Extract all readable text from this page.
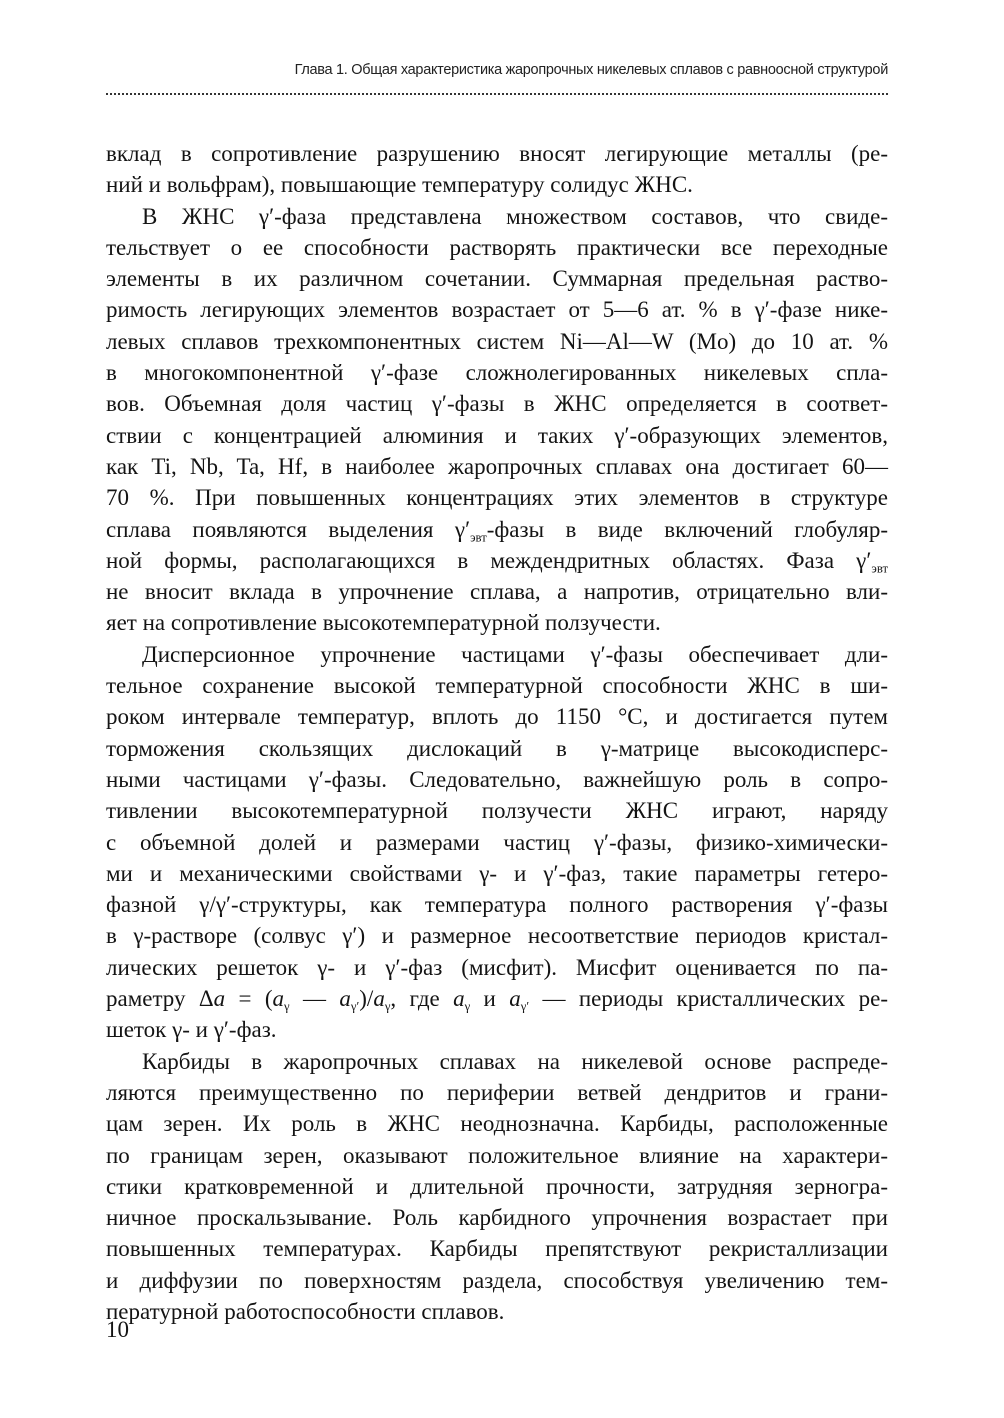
Глава 1. Общая характеристика жаропрочных никелевых сплавов с равноосной структурой
вклад в сопротивление разрушению вносят легирующие металлы (ре-
ний и вольфрам), повышающие температуру солидус ЖНС.
В ЖНС γ′-фаза представлена множеством составов, что свиде-
тельствует о ее способности растворять практически все переходные
элементы в их различном сочетании. Суммарная предельная раство-
римость легирующих элементов возрастает от 5—6 ат. % в γ′-фазе нике-
левых сплавов трехкомпонентных систем Ni—Al—W (Mo) до 10 ат. %
в многокомпонентной γ′-фазе сложнолегированных никелевых спла-
вов. Объемная доля частиц γ′-фазы в ЖНС определяется в соответ-
ствии с концентрацией алюминия и таких γ′-образующих элементов,
как Ti, Nb, Ta, Hf, в наиболее жаропрочных сплавах она достигает 60—
70 %. При повышенных концентрациях этих элементов в структуре
сплава появляются выделения $\gamma'_{эвт}$-фазы в виде включений глобуляр-
ной формы, располагающихся в междендритных областях. Фаза $\gamma'_{эвт}$
не вносит вклада в упрочнение сплава, а напротив, отрицательно вли-
яет на сопротивление высокотемпературной ползучести.
Дисперсионное упрочнение частицами γ′-фазы обеспечивает дли-
тельное сохранение высокой температурной способности ЖНС в ши-
роком интервале температур, вплоть до 1150 °С, и достигается путем
торможения скользящих дислокаций в γ-матрице высокодисперс-
ными частицами γ′-фазы. Следовательно, важнейшую роль в сопро-
тивлении высокотемпературной ползучести ЖНС играют, наряду
с объемной долей и размерами частиц γ′-фазы, физико-химически-
ми и механическими свойствами γ- и γ′-фаз, такие параметры гетеро-
фазной γ/γ′-структуры, как температура полного растворения γ′-фазы
в γ-растворе (солвус γ′) и размерное несоответствие периодов кристал-
лических решеток γ- и γ′-фаз (мисфит). Мисфит оценивается по па-
раметру $\Delta a = (a_\gamma$ — $a_{\gamma'})/a_\gamma$, где $a_\gamma$ и $a_{\gamma'}$ — периоды кристаллических ре-
шеток γ- и γ′-фаз.
Карбиды в жаропрочных сплавах на никелевой основе распреде-
ляются преимущественно по периферии ветвей дендритов и грани-
цам зерен. Их роль в ЖНС неоднозначна. Карбиды, расположенные
по границам зерен, оказывают положительное влияние на характери-
стики кратковременной и длительной прочности, затрудняя зерногра-
ничное проскальзывание. Роль карбидного упрочнения возрастает при
повышенных температурах. Карбиды препятствуют рекристаллизации
и диффузии по поверхностям раздела, способствуя увеличению тем-
пературной работоспособности сплавов.
10
